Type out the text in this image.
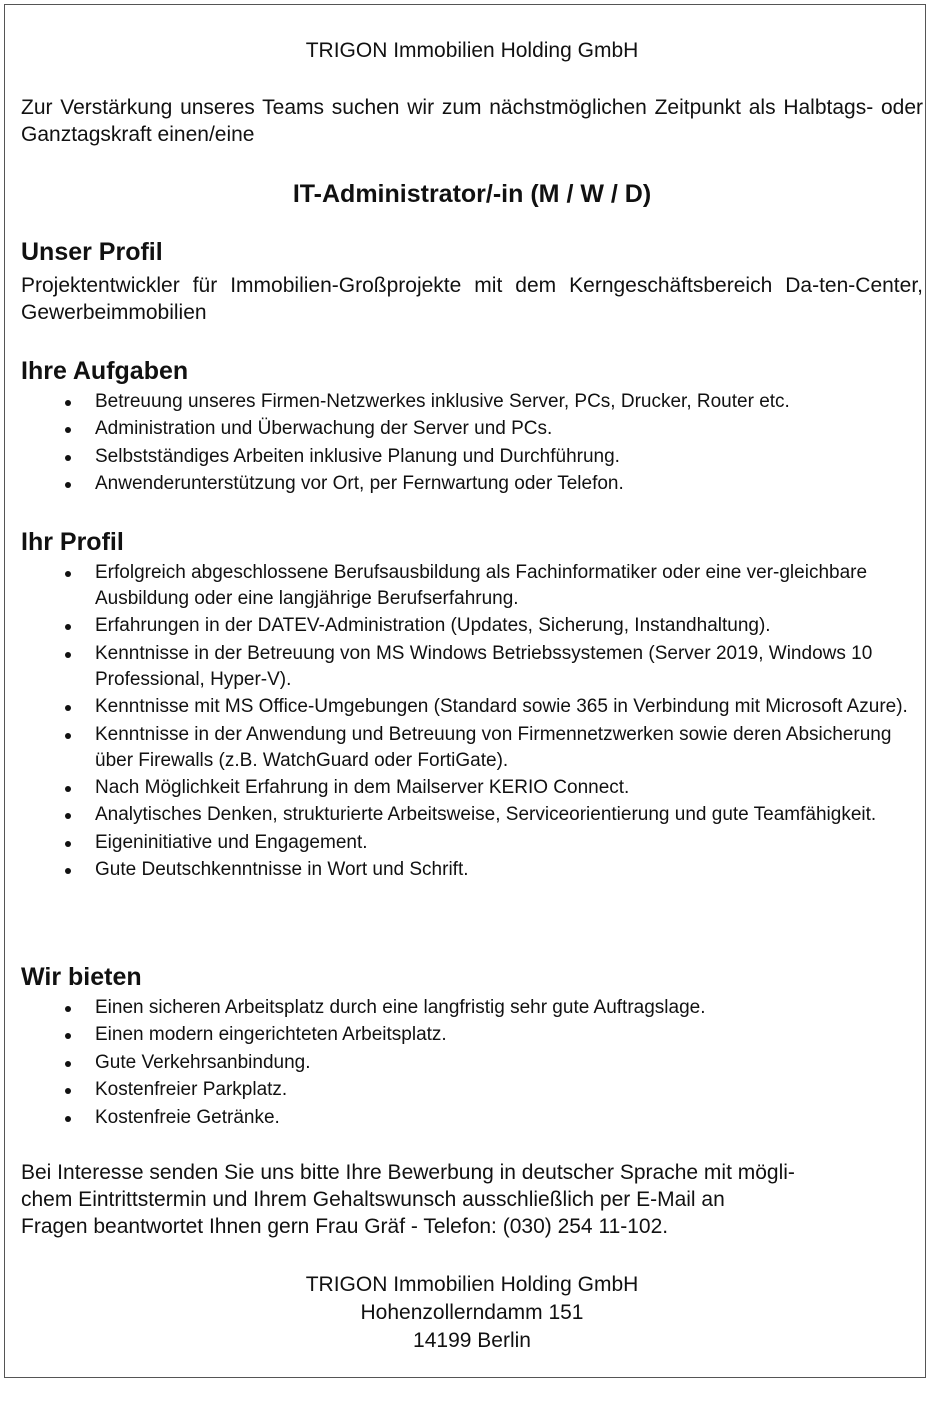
TRIGON Immobilien Holding GmbH
Zur Verstärkung unseres Teams suchen wir zum nächstmöglichen Zeitpunkt als Halbtags- oder Ganztagskraft einen/eine
IT-Administrator/-in (M / W / D)
Unser Profil
Projektentwickler für Immobilien-Großprojekte mit dem Kerngeschäftsbereich Da-ten-Center, Gewerbeimmobilien
Ihre Aufgaben
Betreuung unseres Firmen-Netzwerkes inklusive Server, PCs, Drucker, Router etc.
Administration und Überwachung der Server und PCs.
Selbstständiges Arbeiten inklusive Planung und Durchführung.
Anwenderunterstützung vor Ort, per Fernwartung oder Telefon.
Ihr Profil
Erfolgreich abgeschlossene Berufsausbildung als Fachinformatiker oder eine ver-gleichbare Ausbildung oder eine langjährige Berufserfahrung.
Erfahrungen in der DATEV-Administration (Updates, Sicherung, Instandhaltung).
Kenntnisse in der Betreuung von MS Windows Betriebssystemen (Server 2019, Windows 10 Professional, Hyper-V).
Kenntnisse mit MS Office-Umgebungen (Standard sowie 365 in Verbindung mit Microsoft Azure).
Kenntnisse in der Anwendung und Betreuung von Firmennetzwerken sowie deren Absicherung über Firewalls (z.B. WatchGuard oder FortiGate).
Nach Möglichkeit Erfahrung in dem Mailserver KERIO Connect.
Analytisches Denken, strukturierte Arbeitsweise, Serviceorientierung und gute Teamfähigkeit.
Eigeninitiative und Engagement.
Gute Deutschkenntnisse in Wort und Schrift.
Wir bieten
Einen sicheren Arbeitsplatz durch eine langfristig sehr gute Auftragslage.
Einen modern eingerichteten Arbeitsplatz.
Gute Verkehrsanbindung.
Kostenfreier Parkplatz.
Kostenfreie Getränke.
Bei Interesse senden Sie uns bitte Ihre Bewerbung in deutscher Sprache mit mögli-
chem Eintrittstermin und Ihrem Gehaltswunsch ausschließlich per E-Mail an
Fragen beantwortet Ihnen gern Frau Gräf - Telefon: (030) 254 11-102.
TRIGON Immobilien Holding GmbH
Hohenzollerndamm 151
14199 Berlin
